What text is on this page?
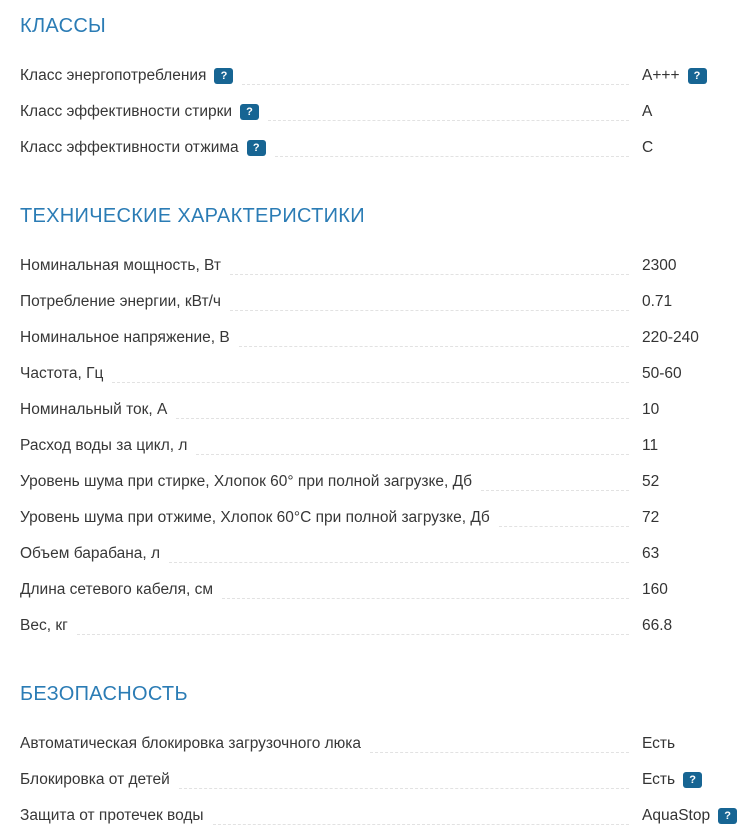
КЛАССЫ
Класс энергопотребления	?	A+++	?
Класс эффективности стирки	?	A
Класс эффективности отжима	?	C
ТЕХНИЧЕСКИЕ ХАРАКТЕРИСТИКИ
Номинальная мощность, Вт	2300
Потребление энергии, кВт/ч	0.71
Номинальное напряжение, В	220-240
Частота, Гц	50-60
Номинальный ток, А	10
Расход воды за цикл, л	11
Уровень шума при стирке, Хлопок 60° при полной загрузке, Дб	52
Уровень шума при отжиме, Хлопок 60°С при полной загрузке, Дб	72
Объем барабана, л	63
Длина сетевого кабеля, см	160
Вес, кг	66.8
БЕЗОПАСНОСТЬ
Автоматическая блокировка загрузочного люка	Есть
Блокировка от детей	Есть	?
Защита от протечек воды	AquaStop	?
